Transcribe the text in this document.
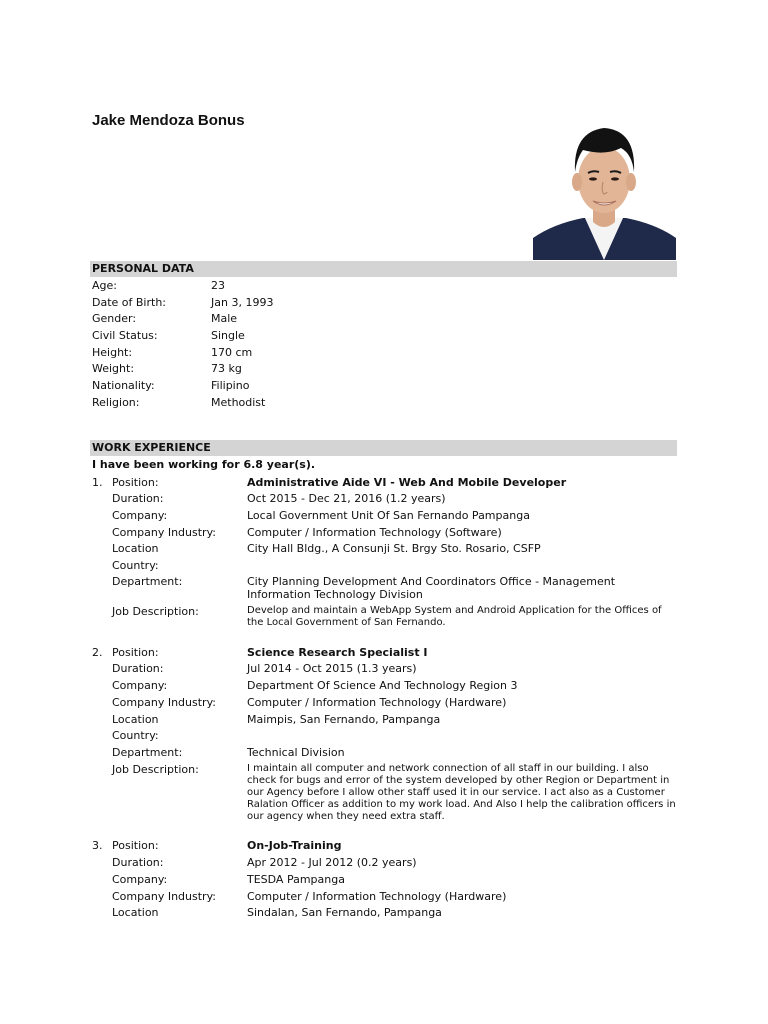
Jake Mendoza Bonus
PERSONAL DATA
Age:	23
Date of Birth:	Jan 3, 1993
Gender:	Male
Civil Status:	Single
Height:	170 cm
Weight:	73 kg
Nationality:	Filipino
Religion:	Methodist
WORK EXPERIENCE
I have been working for 6.8 year(s).
1. Position:	Administrative Aide VI - Web And Mobile Developer
Duration:	Oct 2015 - Dec 21, 2016 (1.2 years)
Company:	Local Government Unit Of San Fernando Pampanga
Company Industry:	Computer / Information Technology (Software)
Location	City Hall Bldg., A Consunji St. Brgy Sto. Rosario, CSFP
Country:
Department:	City Planning Development And Coordinators Office - Management Information Technology Division
Job Description:	Develop and maintain a WebApp System and Android Application for the Offices of the Local Government of San Fernando.
2. Position:	Science Research Specialist I
Duration:	Jul 2014 - Oct 2015 (1.3 years)
Company:	Department Of Science And Technology Region 3
Company Industry:	Computer / Information Technology (Hardware)
Location	Maimpis, San Fernando, Pampanga
Country:
Department:	Technical Division
Job Description:	I maintain all computer and network connection of all staff in our building. I also check for bugs and error of the system developed by other Region or Department in our Agency before I allow other staff used it in our service. I act also as a Customer Ralation Officer as addition to my work load. And Also I help the calibration officers in our agency when they need extra staff.
3. Position:	On-Job-Training
Duration:	Apr 2012 - Jul 2012 (0.2 years)
Company:	TESDA Pampanga
Company Industry:	Computer / Information Technology (Hardware)
Location	Sindalan, San Fernando, Pampanga
